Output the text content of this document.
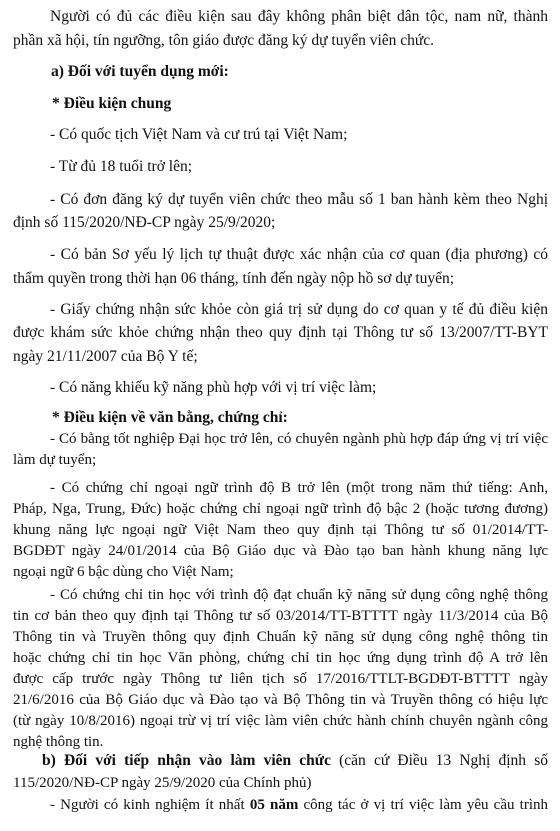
Người có đủ các điều kiện sau đây không phân biệt dân tộc, nam nữ, thành
phần xã hội, tín ngưỡng, tôn giáo được đăng ký dự tuyển viên chức.
a) Đối với tuyển dụng mới:
* Điều kiện chung
- Có quốc tịch Việt Nam và cư trú tại Việt Nam;
- Từ đủ 18 tuổi trở lên;
- Có đơn đăng ký dự tuyển viên chức theo mẫu số 1 ban hành kèm theo Nghị
định số 115/2020/NĐ-CP ngày 25/9/2020;
- Có bản Sơ yếu lý lịch tự thuật được xác nhận của cơ quan (địa phương) có
thẩm quyền trong thời hạn 06 tháng, tính đến ngày nộp hồ sơ dự tuyển;
- Giấy chứng nhận sức khỏe còn giá trị sử dụng do cơ quan y tế đủ điều kiện
được khám sức khỏe chứng nhận theo quy định tại Thông tư số 13/2007/TT-BYT
ngày 21/11/2007 của Bộ Y tế;
- Có năng khiếu kỹ năng phù hợp với vị trí việc làm;
* Điều kiện về văn bằng, chứng chỉ:
- Có bằng tốt nghiệp Đại học trở lên, có chuyên ngành phù hợp đáp ứng vị trí việc
làm dự tuyển;
- Có chứng chỉ ngoại ngữ trình độ B trở lên (một trong năm thứ tiếng: Anh,
Pháp, Nga, Trung, Đức) hoặc chứng chỉ ngoại ngữ trình độ bậc 2 (hoặc tương đương)
khung năng lực ngoại ngữ Việt Nam theo quy định tại Thông tư số 01/2014/TT-
BGDĐT ngày 24/01/2014 của Bộ Giáo dục và Đào tạo ban hành khung năng lực
ngoại ngữ 6 bậc dùng cho Việt Nam;
- Có chứng chỉ tin học với trình độ đạt chuẩn kỹ năng sử dụng công nghệ thông
tin cơ bản theo quy định tại Thông tư số 03/2014/TT-BTTTT ngày 11/3/2014 của Bộ
Thông tin và Truyền thông quy định Chuẩn kỹ năng sử dụng công nghệ thông tin
hoặc chứng chỉ tin học Văn phòng, chứng chỉ tin học ứng dụng trình độ A trở lên
được cấp trước ngày Thông tư liên tịch số 17/2016/TTLT-BGDĐT-BTTTT ngày
21/6/2016 của Bộ Giáo dục và Đào tạo và Bộ Thông tin và Truyền thông có hiệu lực
(từ ngày 10/8/2016) ngoại trừ vị trí việc làm viên chức hành chính chuyên ngành công
nghệ thông tin.
b) Đối với tiếp nhận vào làm viên chức (căn cứ Điều 13 Nghị định số
115/2020/NĐ-CP ngày 25/9/2020 của Chính phủ)
- Người có kinh nghiệm ít nhất 05 năm công tác ở vị trí việc làm yêu cầu trình
